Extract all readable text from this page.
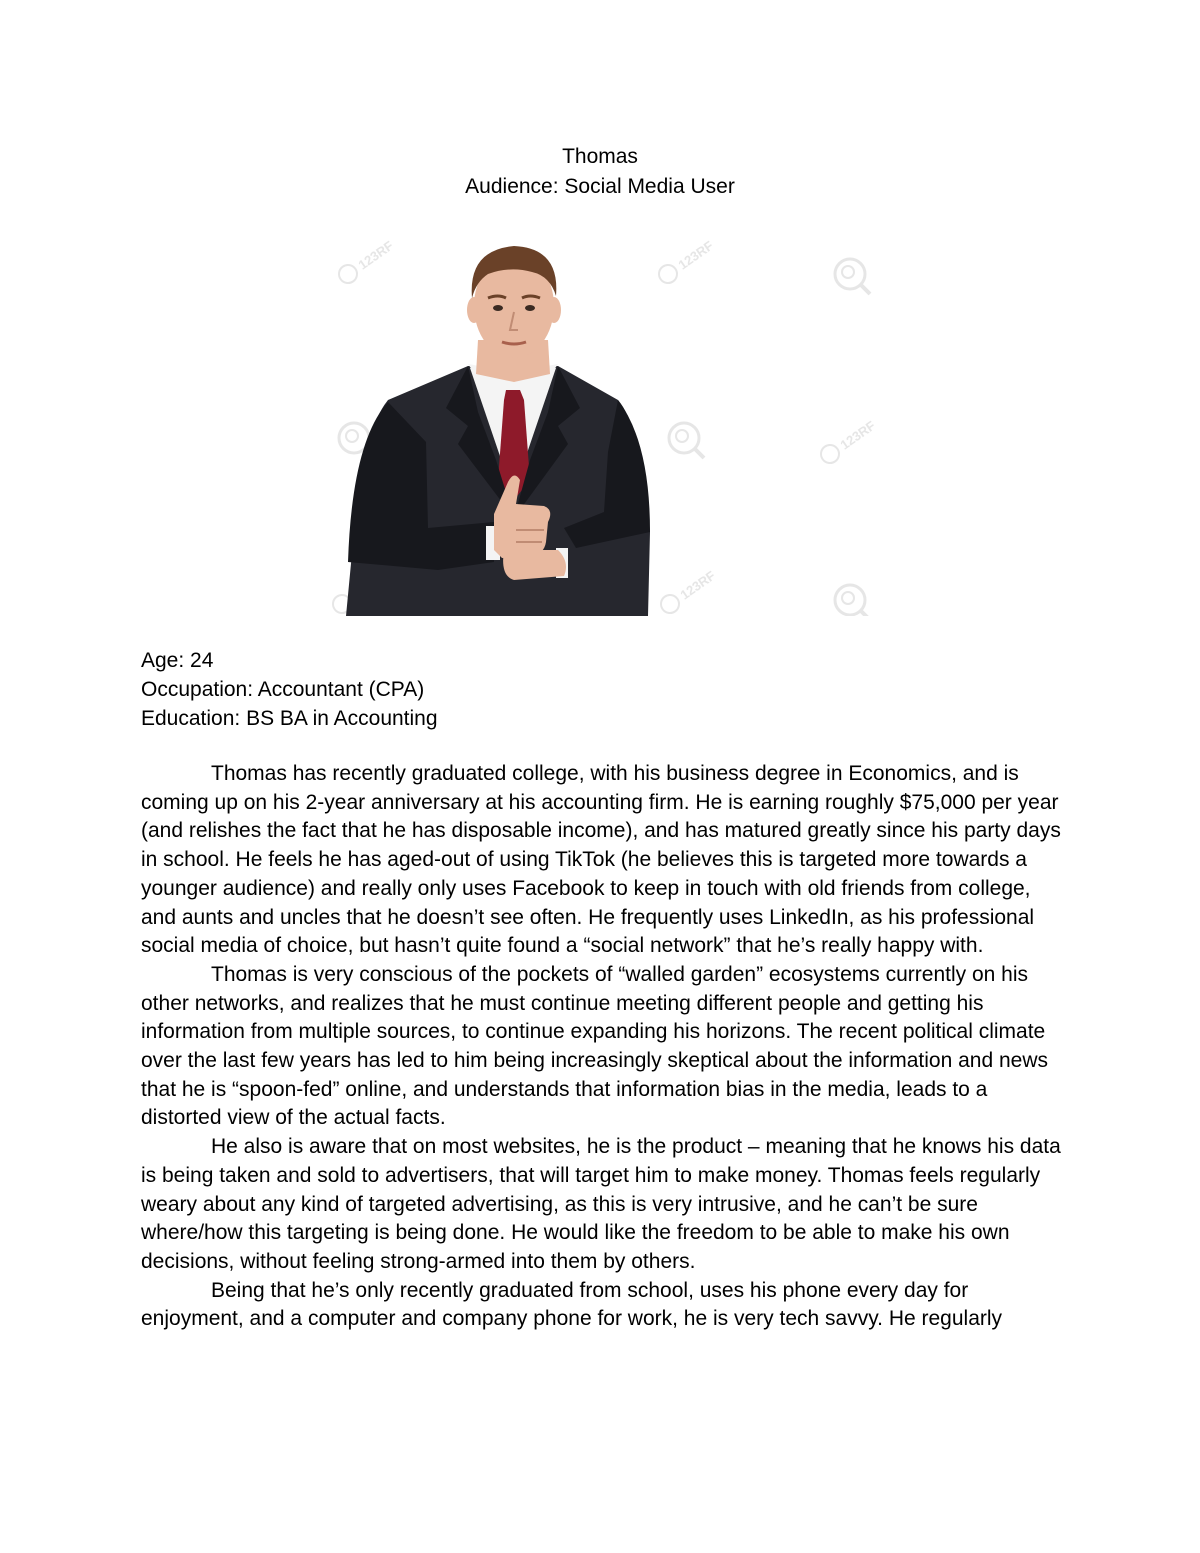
Thomas
Audience: Social Media User
123RF	123RF
123RF
123RF
Age: 24
Occupation: Accountant (CPA)
Education: BS BA in Accounting

Thomas has recently graduated college, with his business degree in Economics, and is coming up on his 2-year anniversary at his accounting firm. He is earning roughly $75,000 per year (and relishes the fact that he has disposable income), and has matured greatly since his party days in school. He feels he has aged-out of using TikTok (he believes this is targeted more towards a younger audience) and really only uses Facebook to keep in touch with old friends from college, and aunts and uncles that he doesn’t see often. He frequently uses LinkedIn, as his professional social media of choice, but hasn’t quite found a “social network” that he’s really happy with.

Thomas is very conscious of the pockets of “walled garden” ecosystems currently on his other networks, and realizes that he must continue meeting different people and getting his information from multiple sources, to continue expanding his horizons. The recent political climate over the last few years has led to him being increasingly skeptical about the information and news that he is “spoon-fed” online, and understands that information bias in the media, leads to a distorted view of the actual facts.

He also is aware that on most websites, he is the product – meaning that he knows his data is being taken and sold to advertisers, that will target him to make money. Thomas feels regularly weary about any kind of targeted advertising, as this is very intrusive, and he can’t be sure where/how this targeting is being done. He would like the freedom to be able to make his own decisions, without feeling strong-armed into them by others.

Being that he’s only recently graduated from school, uses his phone every day for enjoyment, and a computer and company phone for work, he is very tech savvy. He regularly
